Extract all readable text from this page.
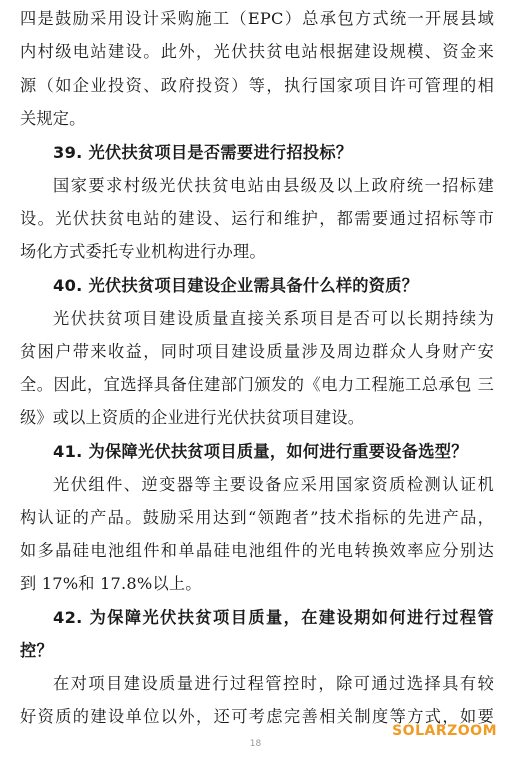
四是鼓励采用设计采购施工（EPC）总承包方式统一开展县域
内村级电站建设。此外，光伏扶贫电站根据建设规模、资金来
源（如企业投资、政府投资）等，执行国家项目许可管理的相
关规定。
39. 光伏扶贫项目是否需要进行招投标？
国家要求村级光伏扶贫电站由县级及以上政府统一招标建
设。光伏扶贫电站的建设、运行和维护，都需要通过招标等市
场化方式委托专业机构进行办理。
40. 光伏扶贫项目建设企业需具备什么样的资质？
光伏扶贫项目建设质量直接关系项目是否可以长期持续为
贫困户带来收益，同时项目建设质量涉及周边群众人身财产安
全。因此，宜选择具备住建部门颁发的《电力工程施工总承包 三
级》或以上资质的企业进行光伏扶贫项目建设。
41. 为保障光伏扶贫项目质量，如何进行重要设备选型？
光伏组件、逆变器等主要设备应采用国家资质检测认证机
构认证的产品。鼓励采用达到“领跑者”技术指标的先进产品，
如多晶硅电池组件和单晶硅电池组件的光电转换效率应分别达
到 17%和 17.8%以上。
42. 为保障光伏扶贫项目质量，在建设期如何进行过程管
控？
在对项目建设质量进行过程管控时，除可通过选择具有较
好资质的建设单位以外，还可考虑完善相关制度等方式，如要
18
SOLARZOOM
